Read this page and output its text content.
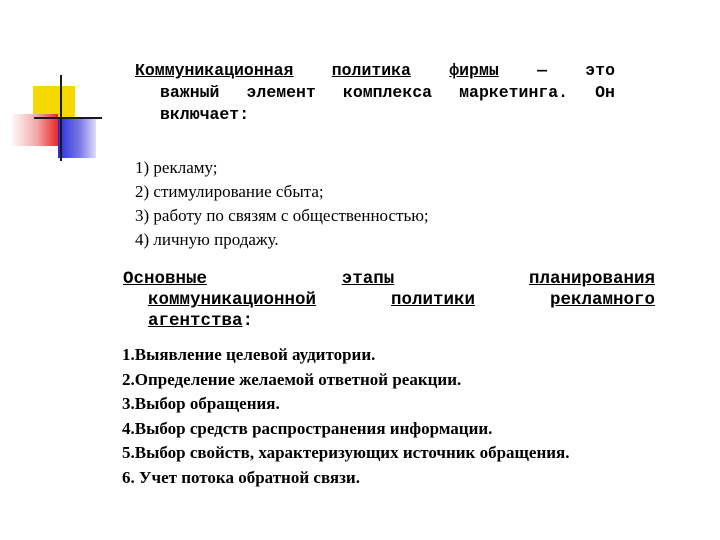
Коммуникационная политика фирмы — это
важный элемент комплекса маркетинга. Он
включает:
1) рекламу;
2) стимулирование сбыта;
3) работу по связям с общественностью;
4) личную продажу.
Основные	этапы	планирования
коммуникационной	политики	рекламного
агентства :
1.Выявление целевой аудитории.
2.Определение желаемой ответной реакции.
3.Выбор обращения.
4.Выбор средств распространения информации.
5.Выбор свойств, характеризующих источник обращения.
6. Учет потока обратной связи.
